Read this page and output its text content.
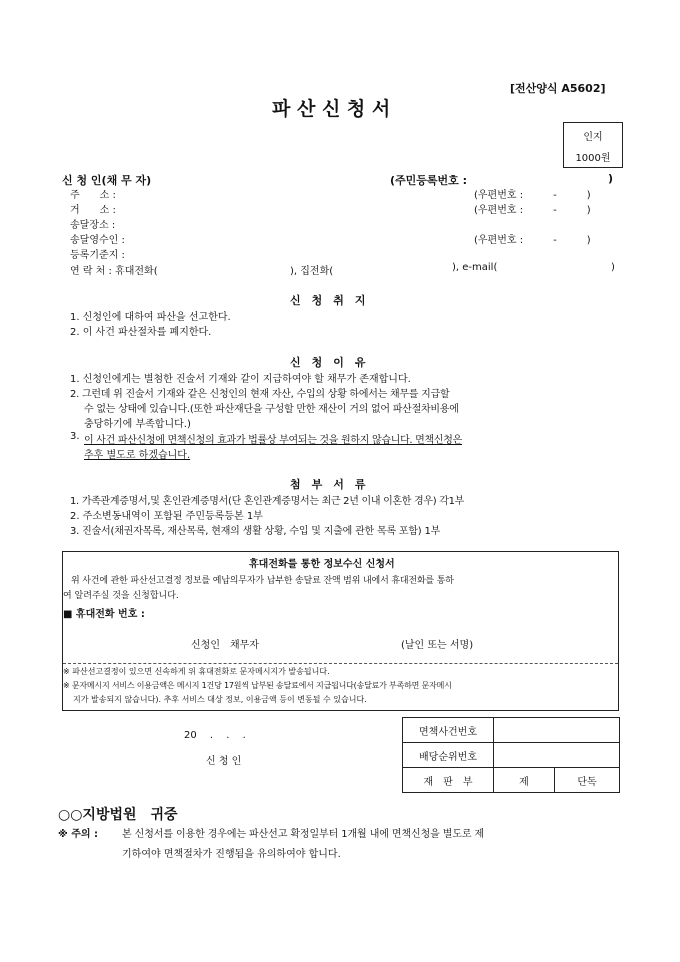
[전산양식 A5602]
파 산 신 청 서
인지
1000원
신 청 인(채 무 자)	(주민등록번호 :	)
주　　소 :	(우편번호 :　　　-　　　)
거　　소 :	(우편번호 :　　　-　　　)
송달장소 :
송달영수인 :	(우편번호 :　　　-　　　)
등록기준지 :
연 락 처 : 휴대전화(	), 집전화(	), e-mail(	)
신　청　취　지
1. 신청인에 대하여 파산을 선고한다.
2. 이 사건 파산절차를 폐지한다.
신　청　이　유
1. 신청인에게는 별첨한 진술서 기재와 같이 지급하여야 할 채무가 존재합니다.
2. 그런데 위 진술서 기재와 같은 신청인의 현재 자산, 수입의 상황 하에서는 채무를 지급할
수 없는 상태에 있습니다.(또한 파산재단을 구성할 만한 재산이 거의 없어 파산절차비용에
충당하기에 부족합니다.)
3. 이 사건 파산신청에 면책신청의 효과가 법률상 부여되는 것을 원하지 않습니다. 면책신청은
추후 별도로 하겠습니다.
첨　부　서　류
1. 가족관계증명서,및 혼인관계증명서(단 혼인관계증명서는 최근 2년 이내 이혼한 경우) 각1부
2. 주소변동내역이 포함된 주민등록등본 1부
3. 진술서(채권자목록, 재산목록, 현재의 생활 상황, 수입 및 지출에 관한 목록 포함) 1부
휴대전화를 통한 정보수신 신청서
위 사건에 관한 파산선고결정 정보를 예납의무자가 납부한 송달료 잔액 범위 내에서 휴대전화를 통하
여 알려주실 것을 신청합니다.
■ 휴대전화 번호 :
신청인　채무자	(날인 또는 서명)
※ 파산선고결정이 있으면 신속하게 위 휴대전화로 문자메시지가 발송됩니다.
※ 문자메시지 서비스 이용금액은 메시지 1건당 17원씩 납부된 송달료에서 지급됩니다(송달료가 부족하면 문자메시
지가 발송되지 않습니다). 추후 서비스 대상 정보, 이용금액 등이 변동될 수 있습니다.
20　 .　 .　 .
신 청 인
면책사건번호		
배당순위번호		
재　판　부	제	단독
○○지방법원　귀중
※ 주의 : 본 신청서를 이용한 경우에는 파산선고 확정일부터 1개월 내에 면책신청을 별도로 제
기하여야 면책절차가 진행됨을 유의하여야 합니다.
